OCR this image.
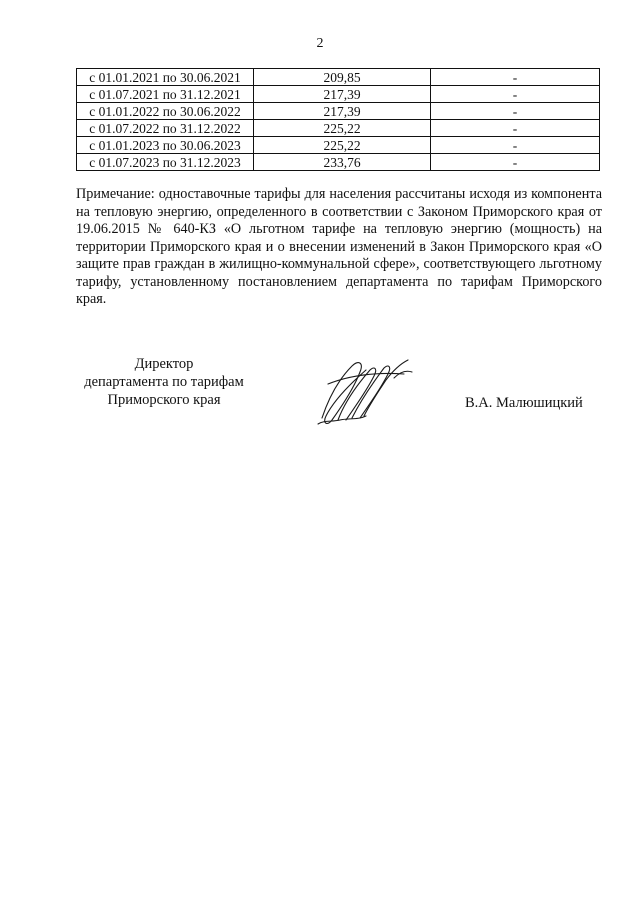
2
с 01.01.2021 по 30.06.2021	209,85	-
с 01.07.2021 по 31.12.2021	217,39	-
с 01.01.2022 по 30.06.2022	217,39	-
с 01.07.2022 по 31.12.2022	225,22	-
с 01.01.2023 по 30.06.2023	225,22	-
с 01.07.2023 по 31.12.2023	233,76	-
Примечание: одноставочные тарифы для населения рассчитаны исходя из компонента на тепловую энергию, определенного в соответствии с Законом Приморского края от 19.06.2015 № 640-КЗ «О льготном тарифе на тепловую энергию (мощность) на территории Приморского края и о внесении изменений в Закон Приморского края «О защите прав граждан в жилищно-коммунальной сфере», соответствующего льготному тарифу, установленному постановлением департамента по тарифам Приморского края.
Директор
департамента по тарифам
Приморского края	В.А. Малюшицкий
